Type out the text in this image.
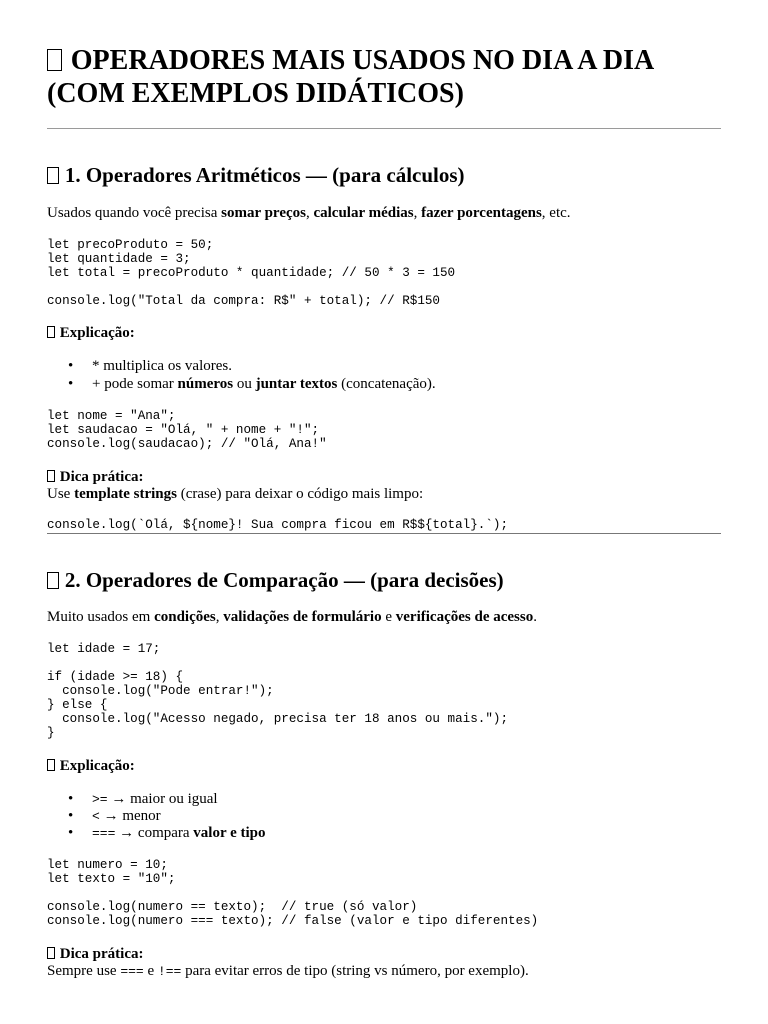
OPERADORES MAIS USADOS NO DIA A DIA
(COM EXEMPLOS DIDÁTICOS)
1. Operadores Aritméticos — (para cálculos)

Usados quando você precisa somar preços, calcular médias, fazer porcentagens, etc.

let precoProduto = 50;
let quantidade = 3;
let total = precoProduto * quantidade; // 50 * 3 = 150

console.log("Total da compra: R$" + total); // R$150
Explicação:
• * multiplica os valores.
• + pode somar números ou juntar textos (concatenação).
let nome = "Ana";
let saudacao = "Olá, " + nome + "!";
console.log(saudacao); // "Olá, Ana!"
Dica prática:

Use template strings (crase) para deixar o código mais limpo:

console.log(`Olá, ${nome}! Sua compra ficou em R$${total}.`);
2. Operadores de Comparação — (para decisões)

Muito usados em condições, validações de formulário e verificações de acesso.

let idade = 17;

if (idade >= 18) {
console.log("Pode entrar!");
} else {
console.log("Acesso negado, precisa ter 18 anos ou mais.");
}
Explicação:
• >= → maior ou igual
• < → menor
• === → compara valor e tipo
let numero = 10;
let texto = "10";

console.log(numero == texto);  // true (só valor)
console.log(numero === texto); // false (valor e tipo diferentes)
Dica prática:

Sempre use === e !== para evitar erros de tipo (string vs número, por exemplo).
